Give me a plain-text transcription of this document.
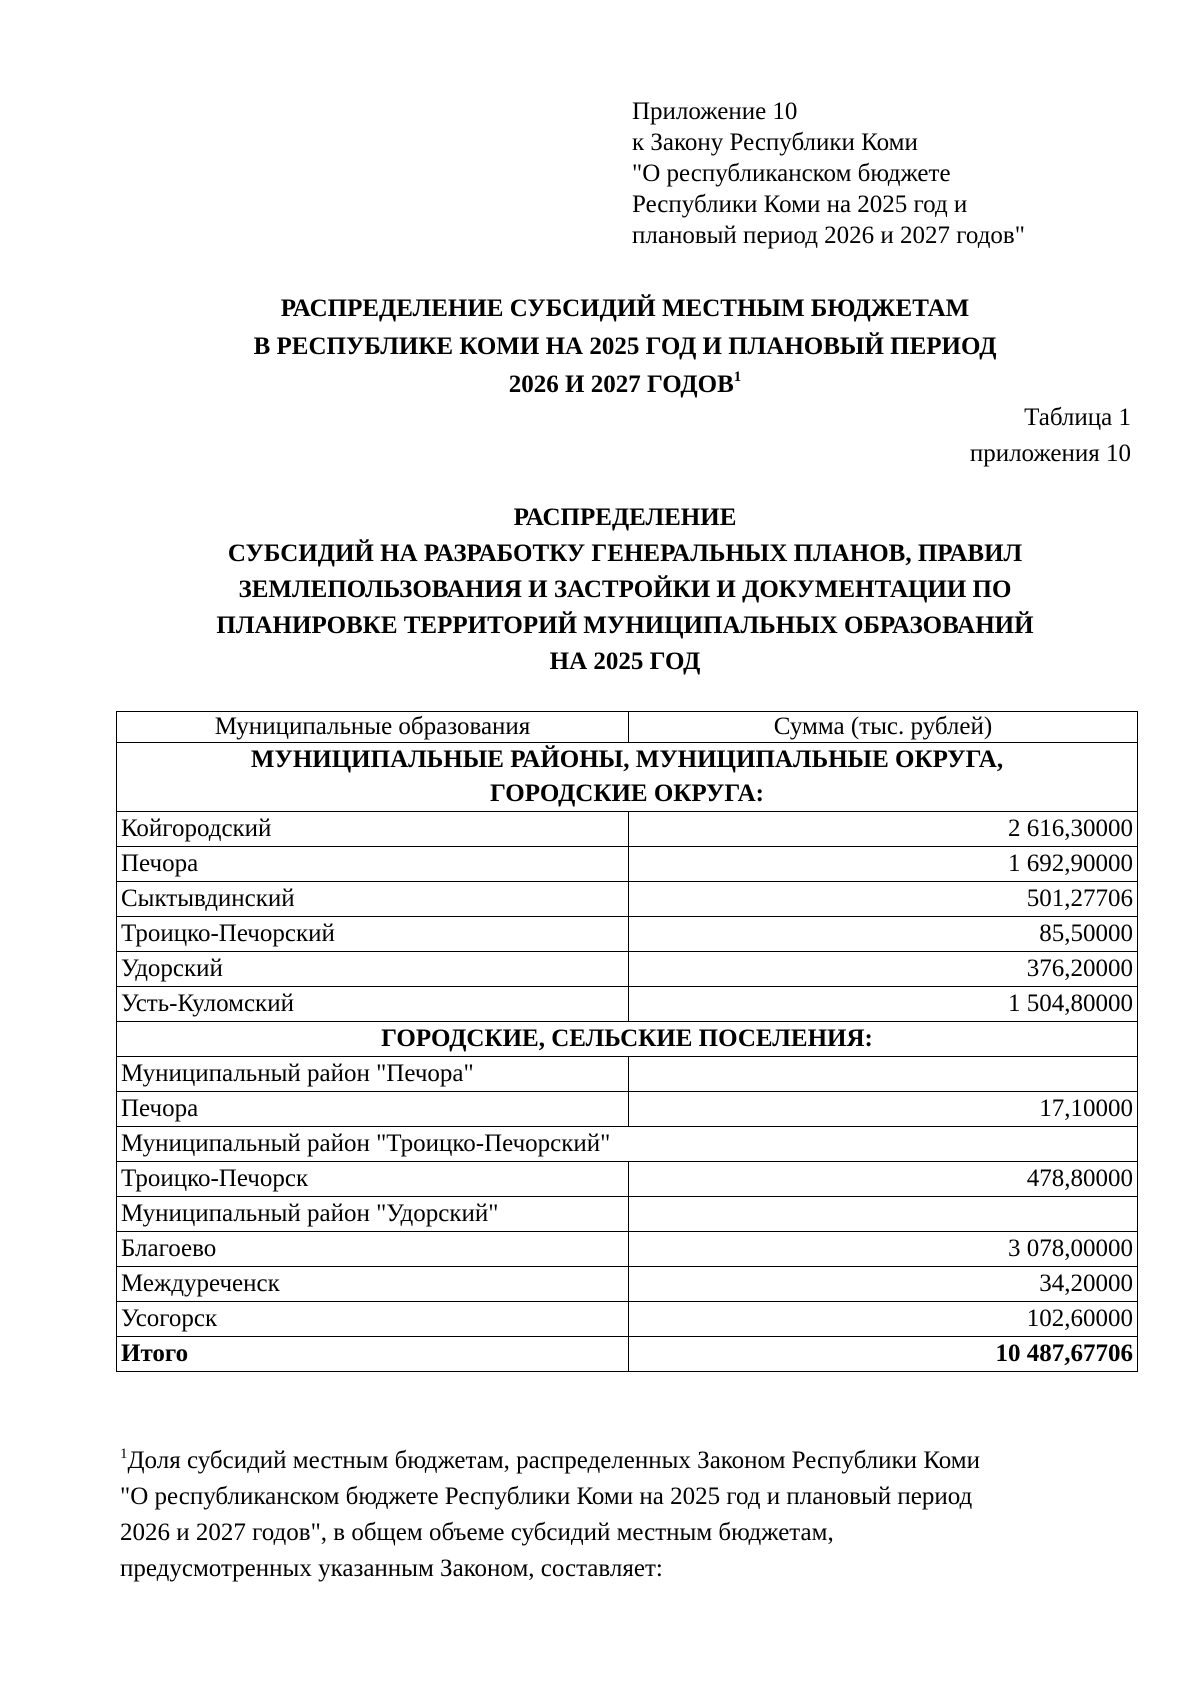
Приложение 10
к Закону Республики Коми
"О республиканском бюджете
Республики Коми на 2025 год и
плановый период 2026 и 2027 годов"
РАСПРЕДЕЛЕНИЕ СУБСИДИЙ МЕСТНЫМ БЮДЖЕТАМ
В РЕСПУБЛИКЕ КОМИ НА 2025 ГОД И ПЛАНОВЫЙ ПЕРИОД
2026 И 2027 ГОДОВ$^1$
Таблица 1
приложения 10
РАСПРЕДЕЛЕНИЕ
СУБСИДИЙ НА РАЗРАБОТКУ ГЕНЕРАЛЬНЫХ ПЛАНОВ, ПРАВИЛ
ЗЕМЛЕПОЛЬЗОВАНИЯ И ЗАСТРОЙКИ И ДОКУМЕНТАЦИИ ПО
ПЛАНИРОВКЕ ТЕРРИТОРИЙ МУНИЦИПАЛЬНЫХ ОБРАЗОВАНИЙ
НА 2025 ГОД
Муниципальные образования	Сумма (тыс. рублей)

МУНИЦИПАЛЬНЫЕ РАЙОНЫ, МУНИЦИПАЛЬНЫЕ ОКРУГА,
ГОРОДСКИЕ ОКРУГА:	

Койгородский	2 616,30000
Печора	1 692,90000
Сыктывдинский	501,27706
Троицко-Печорский	85,50000
Удорский	376,20000
Усть-Куломский	1 504,80000
ГОРОДСКИЕ, СЕЛЬСКИЕ ПОСЕЛЕНИЯ:	
Муниципальный район "Печора"	
Печора	17,10000
Муниципальный район "Троицко-Печорский"	
Троицко-Печорск	478,80000
Муниципальный район "Удорский"	
Благоево	3 078,00000
Междуреченск	34,20000
Усогорск	102,60000
Итого	10 487,67706
$^1$Доля субсидий местным бюджетам, распределенных Законом Республики Коми
"О республиканском бюджете Республики Коми на 2025 год и плановый период
2026 и 2027 годов", в общем объеме субсидий местным бюджетам,
предусмотренных указанным Законом, составляет:
